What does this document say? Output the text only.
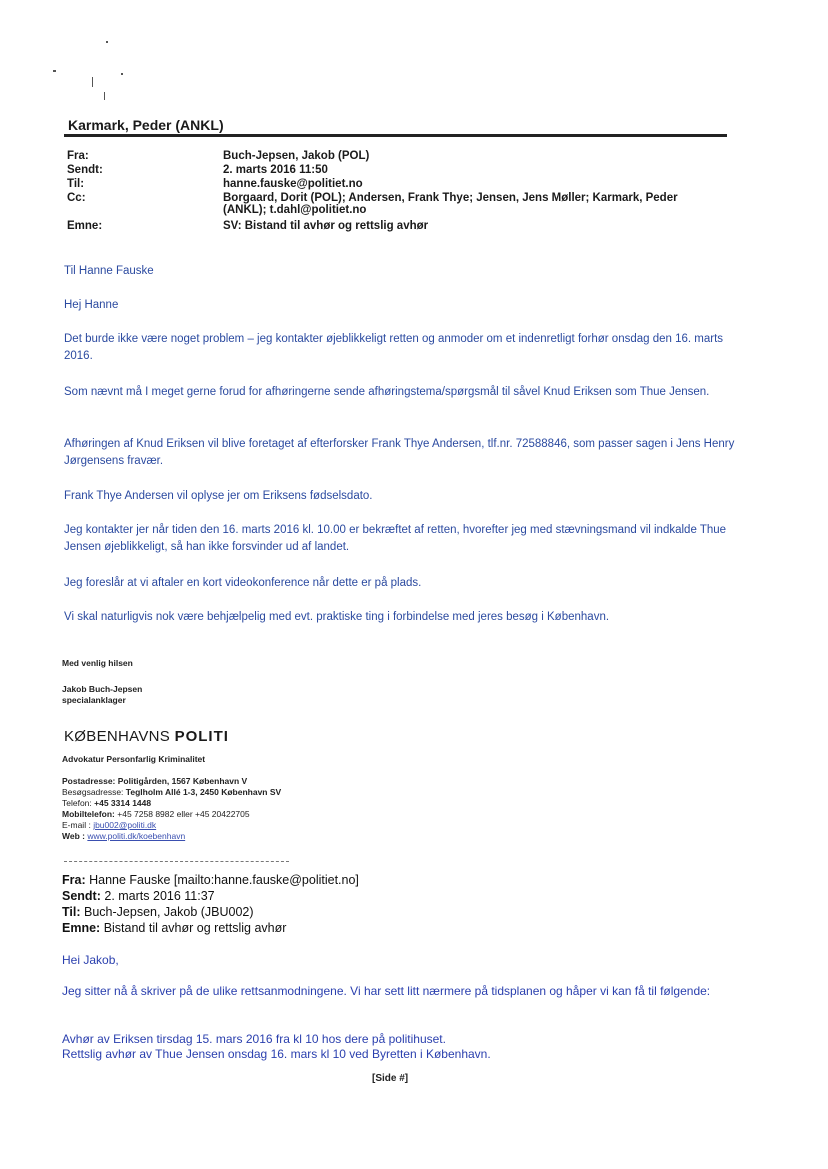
Karmark, Peder (ANKL)
Fra:	Buch-Jepsen, Jakob (POL)
Sendt:	2. marts 2016 11:50
Til:	hanne.fauske@politiet.no
Cc:	Borgaard, Dorit (POL); Andersen, Frank Thye; Jensen, Jens Møller; Karmark, Peder (ANKL); t.dahl@politiet.no
Emne:	SV: Bistand til avhør og rettslig avhør
Til Hanne Fauske
Hej Hanne
Det burde ikke være noget problem – jeg kontakter øjeblikkeligt retten og anmoder om et indenretligt forhør onsdag den 16. marts 2016.
Som nævnt må I meget gerne forud for afhøringerne sende afhøringstema/spørgsmål til såvel Knud Eriksen som Thue Jensen.
Afhøringen af Knud Eriksen vil blive foretaget af efterforsker Frank Thye Andersen, tlf.nr. 72588846, som passer sagen i Jens Henry Jørgensens fravær.
Frank Thye Andersen vil oplyse jer om Eriksens fødselsdato.
Jeg kontakter jer når tiden den 16. marts 2016 kl. 10.00 er bekræftet af retten, hvorefter jeg med stævningsmand vil indkalde Thue Jensen øjeblikkeligt, så han ikke forsvinder ud af landet.
Jeg foreslår at vi aftaler en kort videokonference når dette er på plads.
Vi skal naturligvis nok være behjælpelig med evt. praktiske ting i forbindelse med jeres besøg i København.
Med venlig hilsen
Jakob Buch-Jepsen
specialanklager
KØBENHAVNS POLITI
Advokatur Personfarlig Kriminalitet
Postadresse: Politigården, 1567 København V
Besøgsadresse: Teglholm Allé 1-3, 2450 København SV
Telefon: +45 3314 1448
Mobiltelefon: +45 7258 8982 eller +45 20422705
E-mail : jbu002@politi.dk
Web : www.politi.dk/koebenhavn
Fra: Hanne Fauske [mailto:hanne.fauske@politiet.no]
Sendt: 2. marts 2016 11:37
Til: Buch-Jepsen, Jakob (JBU002)
Emne: Bistand til avhør og rettslig avhør
Hei Jakob,
Jeg sitter nå å skriver på de ulike rettsanmodningene. Vi har sett litt nærmere på tidsplanen og håper vi kan få til følgende:
Avhør av Eriksen tirsdag 15. mars 2016 fra kl 10 hos dere på politihuset.
Rettslig avhør av Thue Jensen onsdag 16. mars kl 10 ved Byretten i København.
[Side #]
